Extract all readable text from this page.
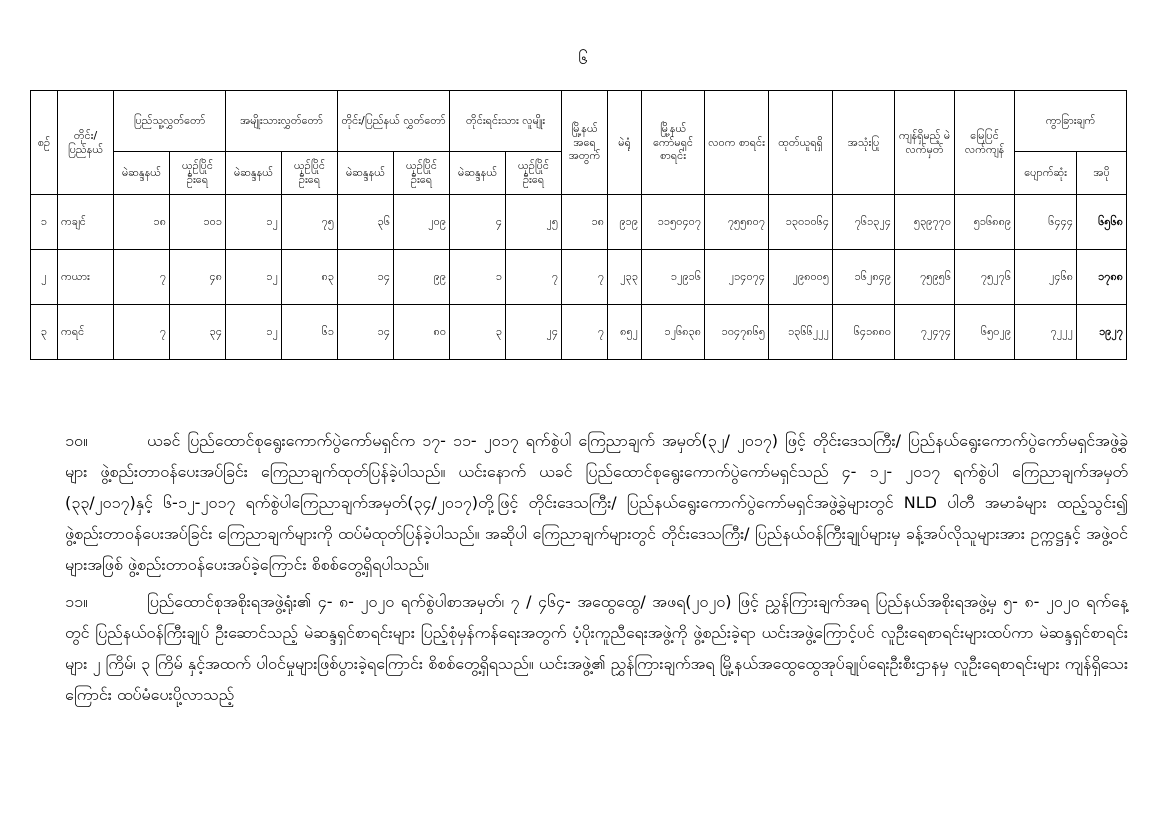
၆
စဉ်	တိုင်း/ ပြည်နယ်	ပြည်သူ့လွှတ်တော်		အမျိုးသားလွှတ်တော်		တိုင်း/ပြည်နယ် လွှတ်တော်		တိုင်းရင်းသား လူမျိုး		မြို့နယ် အရေ အတွက်	မဲရုံ	မြို့နယ် ကော်မရှင် စာရင်း	လဝက စာရင်း	ထုတ်ယူရရှိ	အသုံးပြု	ကျန်ရှိမည့် မဲလက်မှတ်	မြေပြင် လက်ကျန်	ကွာခြားချက်	
		မဲဆန္ဒနယ်	ယှဉ်ပြိုင် ဦးရေ	မဲဆန္ဒနယ်	ယှဉ်ပြိုင် ဦးရေ	မဲဆန္ဒနယ်	ယှဉ်ပြိုင် ဦးရေ	မဲဆန္ဒနယ်	ယှဉ်ပြိုင် ဦးရေ									ပျောက်ဆုံး	အပို
၁	ကချင်	၁၈	၁၀၁	၁၂	၇၅	၃၆	၂၀၉	၄	၂၅	၁၈	၉၁၉	၁၁၅၀၄၀၇	၇၅၅၈၀၇	၁၃၀၁၀၆၄	၇၆၁၃၂၄	၅၃၉၇၇၀	၅၁၆၈၈၉	၆၄၄၄	၆၅၆၈
၂	ကယား	၇	၄၈	၁၂	၈၃	၁၄	၉၉	၁	၇	၇	၂၃၃	၁၂၉၁၆	၂၁၄၀၇၄	၂၉၈၀၀၅	၁၆၂၈၄၉	၇၅၉၅၆	၇၅၂၇၆	၂၄၆၈	၁၇၈၈
၃	ကရင်	၇	၃၄	၁၂	၆၁	၁၄	၈၀	၃	၂၄	၇	၈၅၂	၁၂၆၈၃၈	၁၀၄၇၈၆၅	၁၃၆၆၂၂၂	၆၄၁၈၈၀	၇၂၄၇၄	၆၅၀၂၉	၇၂၂၂	၁၉၂၇

၁၀။	ယခင် ပြည်ထောင်စုရွေးကောက်ပွဲကော်မရှင်က ၁၇- ၁၁- ၂၀၁၇ ရက်စွဲပါ ကြေညာချက် အမှတ်(၃၂/ ၂၀၁၇) ဖြင့် တိုင်းဒေသကြီး/ ပြည်နယ်ရွေးကောက်ပွဲကော်မရှင်အဖွဲ့ခွဲများ ဖွဲ့စည်းတာဝန်ပေးအပ်ခြင်း ကြေညာချက်ထုတ်ပြန်ခဲ့ပါသည်။ ယင်းနောက် ယခင် ပြည်ထောင်စုရွေးကောက်ပွဲကော်မရှင်သည် ၄- ၁၂- ၂၀၁၇ ရက်စွဲပါ ကြေညာချက်အမှတ် (၃၃/၂၀၁၇)နှင့် ၆-၁၂-၂၀၁၇ ရက်စွဲပါကြေညာချက်အမှတ်(၃၄/၂၀၁၇)တို့ဖြင့် တိုင်းဒေသကြီး/ ပြည်နယ်ရွေးကောက်ပွဲကော်မရှင်အဖွဲ့ခွဲများတွင် NLD ပါတီ အမာခံများ ထည့်သွင်း၍ ဖွဲ့စည်းတာဝန်ပေးအပ်ခြင်း ကြေညာချက်များကို ထပ်မံထုတ်ပြန်ခဲ့ပါသည်။ အဆိုပါ ကြေညာချက်များတွင် တိုင်းဒေသကြီး/ ပြည်နယ်ဝန်ကြီးချုပ်များမှ ခန့်အပ်လိုသူများအား ဥက္ကဋ္ဌနှင့် အဖွဲ့ဝင်များအဖြစ် ဖွဲ့စည်းတာဝန်ပေးအပ်ခဲ့ကြောင်း စိစစ်တွေ့ရှိရပါသည်။

၁၁။	ပြည်ထောင်စုအစိုးရအဖွဲ့ရုံး၏ ၄- ၈- ၂၀၂၀ ရက်စွဲပါစာအမှတ်၊ ၇ / ၄၆၄- အထွေထွေ/ အဖရ(၂၀၂၀) ဖြင့် ညွှန်ကြားချက်အရ ပြည်နယ်အစိုးရအဖွဲ့မှ ၅- ၈- ၂၀၂၀ ရက်နေ့တွင် ပြည်နယ်ဝန်ကြီးချုပ် ဦးဆောင်သည့် မဲဆန္ဒရှင်စာရင်းများ ပြည့်စုံမှန်ကန်ရေးအတွက် ပံ့ပိုးကူညီရေးအဖွဲ့ကို ဖွဲ့စည်းခဲ့ရာ ယင်းအဖွဲ့ကြောင့်ပင် လူဦးရေစာရင်းများထပ်ကာ မဲဆန္ဒရှင်စာရင်းများ ၂ ကြိမ်၊ ၃ ကြိမ် နှင့်အထက် ပါဝင်မှုများဖြစ်ပွားခဲ့ရကြောင်း စိစစ်တွေ့ရှိရသည်။ ယင်းအဖွဲ့၏ ညွှန်ကြားချက်အရ မြို့နယ်အထွေထွေအုပ်ချုပ်ရေးဦးစီးဌာနမှ လူဦးရေစာရင်းများ ကျန်ရှိသေးကြောင်း ထပ်မံပေးပို့လာသည့်
